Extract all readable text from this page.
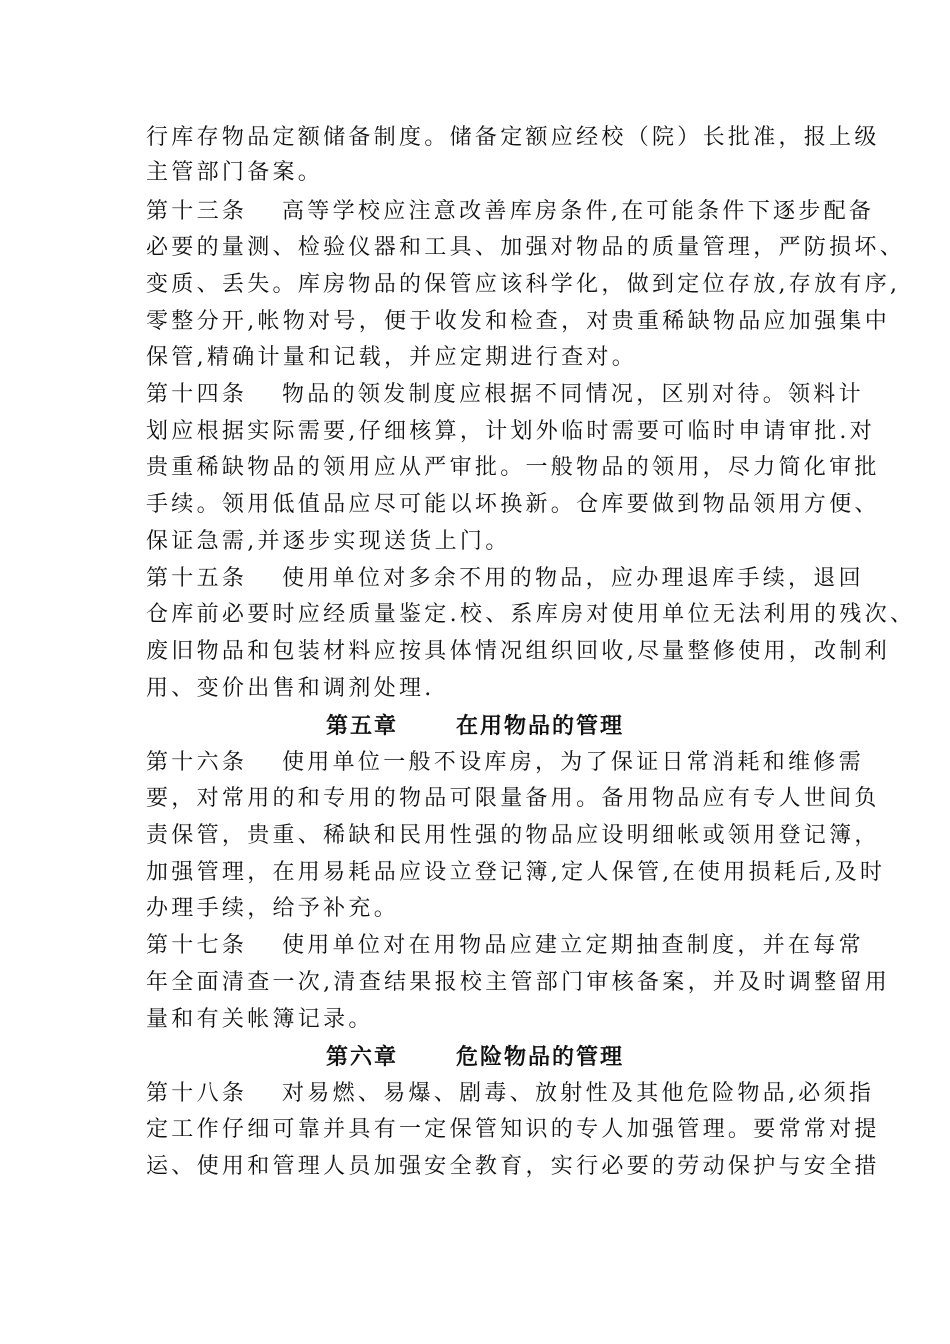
行库存物品定额储备制度。储备定额应经校（院）长批准，报上级
主管部门备案。
第十三条 高等学校应注意改善库房条件,在可能条件下逐步配备
必要的量测、检验仪器和工具、加强对物品的质量管理，严防损坏、
变质、丢失。库房物品的保管应该科学化，做到定位存放,存放有序,
零整分开,帐物对号，便于收发和检查，对贵重稀缺物品应加强集中
保管,精确计量和记载，并应定期进行查对。
第十四条 物品的领发制度应根据不同情况，区别对待。领料计
划应根据实际需要,仔细核算，计划外临时需要可临时申请审批.对
贵重稀缺物品的领用应从严审批。一般物品的领用，尽力简化审批
手续。领用低值品应尽可能以坏换新。仓库要做到物品领用方便、
保证急需,并逐步实现送货上门。
第十五条 使用单位对多余不用的物品，应办理退库手续，退回
仓库前必要时应经质量鉴定.校、系库房对使用单位无法利用的残次、
废旧物品和包装材料应按具体情况组织回收,尽量整修使用，改制利
用、变价出售和调剂处理.
第五章      在用物品的管理
第十六条 使用单位一般不设库房，为了保证日常消耗和维修需
要，对常用的和专用的物品可限量备用。备用物品应有专人世间负
责保管，贵重、稀缺和民用性强的物品应设明细帐或领用登记簿，
加强管理，在用易耗品应设立登记簿,定人保管,在使用损耗后,及时
办理手续，给予补充。
第十七条 使用单位对在用物品应建立定期抽查制度，并在每常
年全面清查一次,清查结果报校主管部门审核备案，并及时调整留用
量和有关帐簿记录。
第六章      危险物品的管理
第十八条 对易燃、易爆、剧毒、放射性及其他危险物品,必须指
定工作仔细可靠并具有一定保管知识的专人加强管理。要常常对提
运、使用和管理人员加强安全教育，实行必要的劳动保护与安全措
